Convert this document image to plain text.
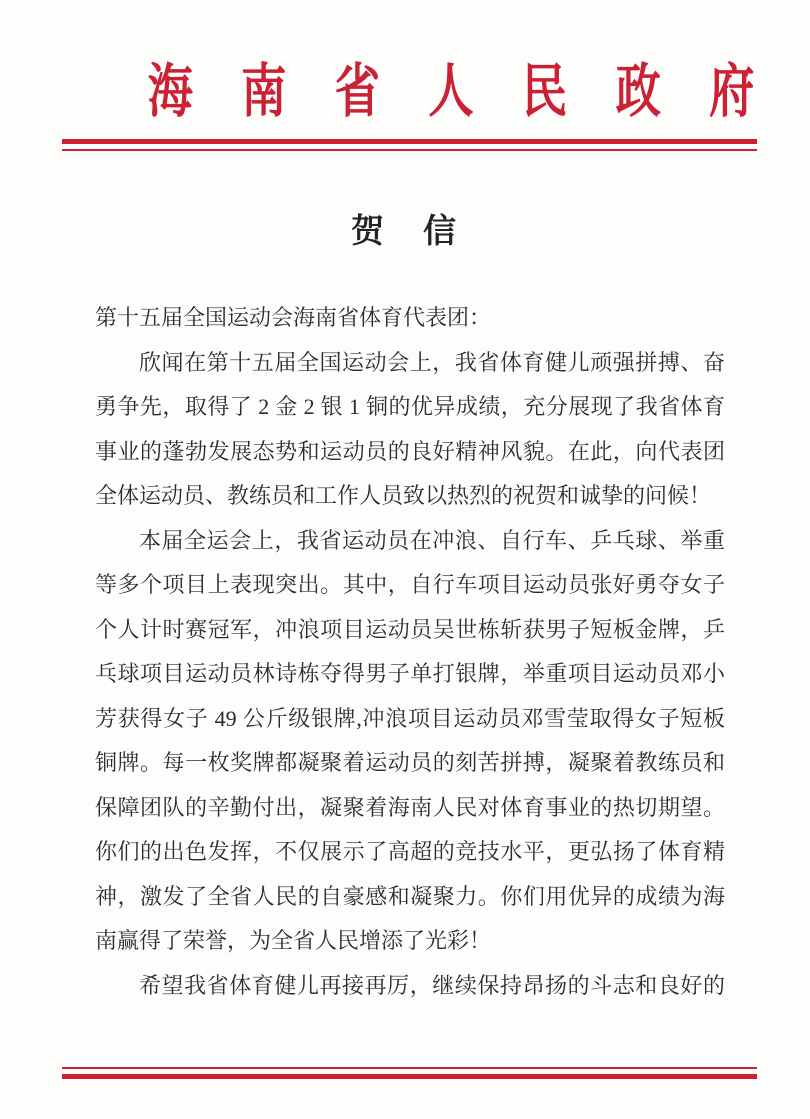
海南省人民政府
贺　信

第十五届全国运动会海南省体育代表团：

欣闻在第十五届全国运动会上，我省体育健儿顽强拼搏、奋

勇争先，取得了 2 金 2 银 1 铜的优异成绩，充分展现了我省体育

事业的蓬勃发展态势和运动员的良好精神风貌。在此，向代表团

全体运动员、教练员和工作人员致以热烈的祝贺和诚挚的问候！

本届全运会上，我省运动员在冲浪、自行车、乒乓球、举重

等多个项目上表现突出。其中，自行车项目运动员张好勇夺女子

个人计时赛冠军，冲浪项目运动员吴世栋斩获男子短板金牌，乒

乓球项目运动员林诗栋夺得男子单打银牌，举重项目运动员邓小

芳获得女子 49 公斤级银牌,冲浪项目运动员邓雪莹取得女子短板

铜牌。每一枚奖牌都凝聚着运动员的刻苦拼搏，凝聚着教练员和

保障团队的辛勤付出，凝聚着海南人民对体育事业的热切期望。

你们的出色发挥，不仅展示了高超的竞技水平，更弘扬了体育精

神，激发了全省人民的自豪感和凝聚力。你们用优异的成绩为海

南赢得了荣誉，为全省人民增添了光彩！

希望我省体育健儿再接再厉，继续保持昂扬的斗志和良好的
